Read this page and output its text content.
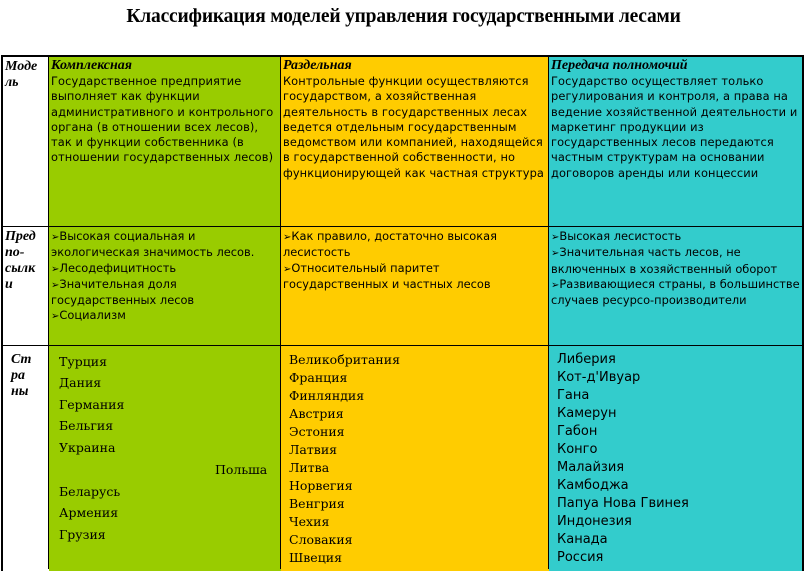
Классификация моделей управления государственными лесами
Моде
ль
Комплексная
Государственное предприятие выполняет как функции административного и контрольного органа (в отношении всех лесов), так и функции собственника (в отношении государственных лесов)
Раздельная
Контрольные функции осуществляются государством, а хозяйственная деятельность в государственных лесах ведется отдельным государственным ведомством или компанией, находящейся в государственной собственности, но функционирующей как частная структура
Передача полномочий
Государство осуществляет только регулирования и контроля, а права на ведение хозяйственной деятельности и маркетинг продукции из государственных лесов передаются частным структурам на основании договоров аренды или концессии
Пред
по-
сылк
и
➢Высокая социальная и экологическая значимость лесов.
➢Лесодефицитность
➢Значительная доля государственных лесов
➢Социализм
➢Как правило, достаточно высокая лесистость
➢Относительный паритет государственных и частных лесов
➢Высокая лесистость
➢Значительная часть лесов, не включенных в хозяйственный оборот
➢Развивающиеся страны, в большинстве случаев ресурсо-производители
Ст
ра
ны
Турция
Дания
Германия
Бельгия
Украина
Польша
Беларусь
Армения
Грузия
Великобритания
Франция
Финляндия
Австрия
Эстония
Латвия
Литва
Норвегия
Венгрия
Чехия
Словакия
Швеция
Либерия
Кот-д'Ивуар
Гана
Камерун
Габон
Конго
Малайзия
Камбоджа
Папуа Нова Гвинея
Индонезия
Канада
Россия
